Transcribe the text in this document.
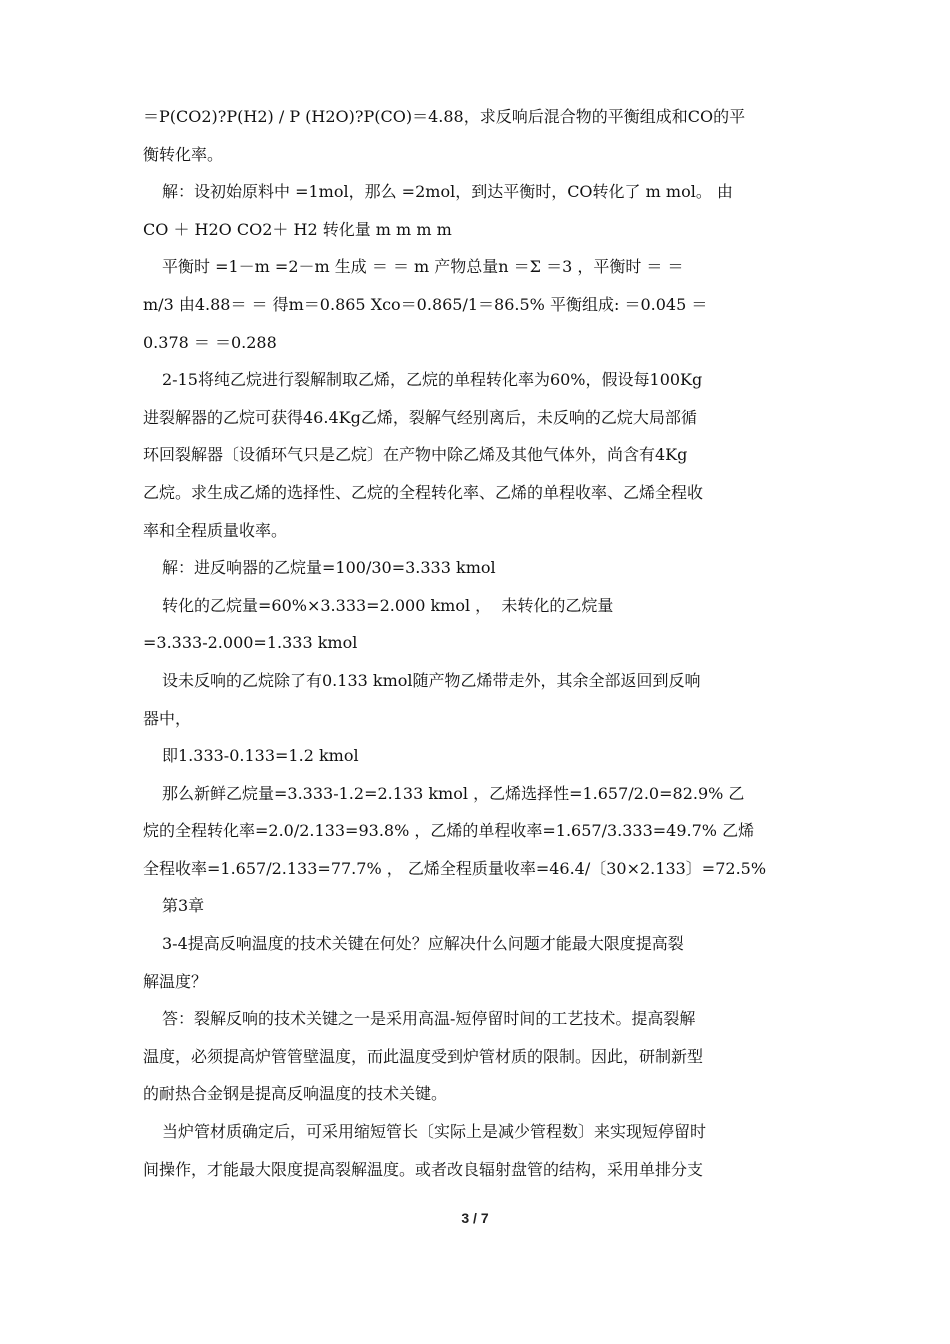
＝P(CO2)?P(H2) / P (H2O)?P(CO)＝4.88，求反响后混合物的平衡组成和CO的平
衡转化率。
解：设初始原料中 =1mol，那么 =2mol，到达平衡时，CO转化了 m mol。 由
CO ＋ H2O CO2＋ H2 转化量 m m m m
平衡时 =1－m =2－m 生成 ＝ ＝ m 产物总量n ＝Σ ＝3 ，平衡时 ＝ ＝
m/3 由4.88＝ ＝ 得m＝0.865 Xco＝0.865/1＝86.5% 平衡组成: ＝0.045 ＝
0.378 ＝ ＝0.288
2-15将纯乙烷进行裂解制取乙烯，乙烷的单程转化率为60%，假设每100Kg
进裂解器的乙烷可获得46.4Kg乙烯，裂解气经别离后，未反响的乙烷大局部循
环回裂解器〔设循环气只是乙烷〕在产物中除乙烯及其他气体外，尚含有4Kg
乙烷。求生成乙烯的选择性、乙烷的全程转化率、乙烯的单程收率、乙烯全程收
率和全程质量收率。
解：进反响器的乙烷量=100/30=3.333 kmol
转化的乙烷量=60%×3.333=2.000 kmol ，  未转化的乙烷量
=3.333-2.000=1.333 kmol
设未反响的乙烷除了有0.133 kmol随产物乙烯带走外，其余全部返回到反响
器中，
即1.333-0.133=1.2 kmol
那么新鲜乙烷量=3.333-1.2=2.133 kmol ，乙烯选择性=1.657/2.0=82.9% 乙
烷的全程转化率=2.0/2.133=93.8% ，乙烯的单程收率=1.657/3.333=49.7% 乙烯
全程收率=1.657/2.133=77.7% ， 乙烯全程质量收率=46.4/〔30×2.133〕=72.5%
第3章
3-4提高反响温度的技术关键在何处？应解决什么问题才能最大限度提高裂
解温度？
答：裂解反响的技术关键之一是采用高温-短停留时间的工艺技术。提高裂解
温度，必须提高炉管管壁温度，而此温度受到炉管材质的限制。因此，研制新型
的耐热合金钢是提高反响温度的技术关键。
当炉管材质确定后，可采用缩短管长〔实际上是减少管程数〕来实现短停留时
间操作，才能最大限度提高裂解温度。或者改良辐射盘管的结构，采用单排分支
3 / 7
